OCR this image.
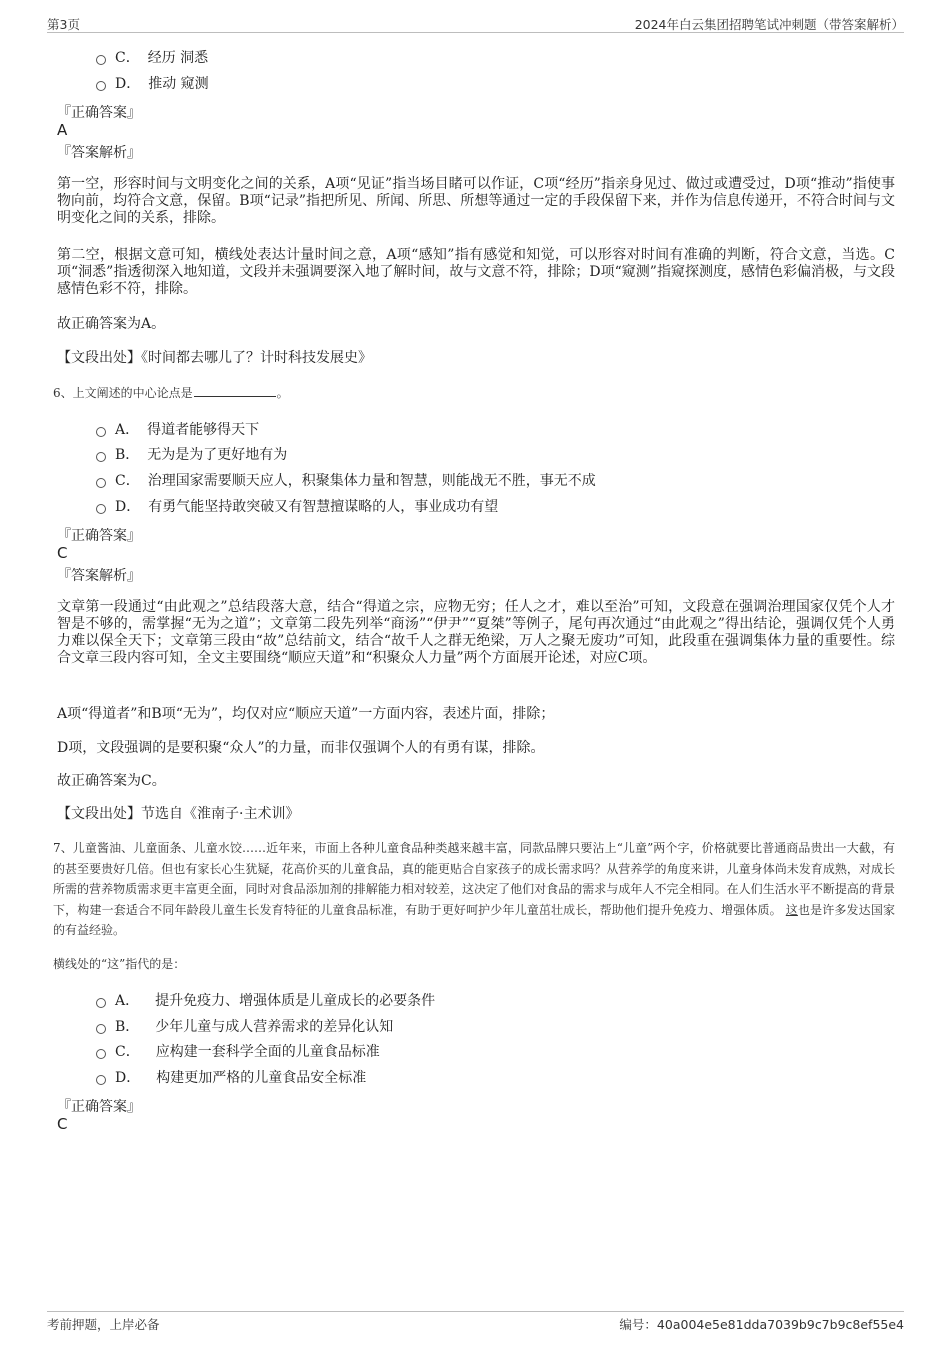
第3页	2024年白云集团招聘笔试冲刺题（带答案解析）
C． 经历 洞悉
D． 推动 窥测
『正确答案』
A
『答案解析』

第一空，形容时间与文明变化之间的关系，A项“见证”指当场目睹可以作证，C项“经历”指亲身见过、做过或遭受过，D项“推动”指使事物向前，均符合文意，保留。B项“记录”指把所见、所闻、所思、所想等通过一定的手段保留下来，并作为信息传递开，不符合时间与文明变化之间的关系，排除。

第二空，根据文意可知，横线处表达计量时间之意，A项“感知”指有感觉和知觉，可以形容对时间有准确的判断，符合文意，当选。C项“洞悉”指透彻深入地知道，文段并未强调要深入地了解时间，故与文意不符，排除；D项“窥测”指窥探测度，感情色彩偏消极，与文段感情色彩不符，排除。

故正确答案为A。

【文段出处】《时间都去哪儿了？计时科技发展史》

6、上文阐述的中心论点是	。

A． 得道者能够得天下
B． 无为是为了更好地有为
C． 治理国家需要顺天应人，积聚集体力量和智慧，则能战无不胜，事无不成
D． 有勇气能坚持敢突破又有智慧擅谋略的人，事业成功有望
『正确答案』
C
『答案解析』

文章第一段通过“由此观之”总结段落大意，结合“得道之宗，应物无穷；任人之才，难以至治”可知，文段意在强调治理国家仅凭个人才智是不够的，需掌握“无为之道”；文章第二段先列举“商汤”“伊尹”“夏桀”等例子，尾句再次通过“由此观之”得出结论，强调仅凭个人勇力难以保全天下；文章第三段由“故”总结前文，结合“故千人之群无绝梁，万人之聚无废功”可知，此段重在强调集体力量的重要性。综合文章三段内容可知，全文主要围绕“顺应天道”和“积聚众人力量”两个方面展开论述，对应C项。

A项“得道者”和B项“无为”，均仅对应“顺应天道”一方面内容，表述片面，排除；

D项，文段强调的是要积聚“众人”的力量，而非仅强调个人的有勇有谋，排除。

故正确答案为C。

【文段出处】节选自《淮南子·主术训》

7、儿童酱油、儿童面条、儿童水饺……近年来，市面上各种儿童食品种类越来越丰富，同款品牌只要沾上“儿童”两个字，价格就要比普通商品贵出一大截，有的甚至要贵好几倍。但也有家长心生犹疑，花高价买的儿童食品，真的能更贴合自家孩子的成长需求吗？从营养学的角度来讲，儿童身体尚未发育成熟，对成长所需的营养物质需求更丰富更全面，同时对食品添加剂的排解能力相对较差，这决定了他们对食品的需求与成年人不完全相同。在人们生活水平不断提高的背景下，构建一套适合不同年龄段儿童生长发育特征的儿童食品标准，有助于更好呵护少年儿童茁壮成长，帮助他们提升免疫力、增强体质。 这也是许多发达国家的有益经验。

横线处的“这”指代的是：

A． 提升免疫力、增强体质是儿童成长的必要条件
B． 少年儿童与成人营养需求的差异化认知
C． 应构建一套科学全面的儿童食品标准
D． 构建更加严格的儿童食品安全标准
『正确答案』
C
考前押题，上岸必备	编号：40a004e5e81dda7039b9c7b9c8ef55e4
